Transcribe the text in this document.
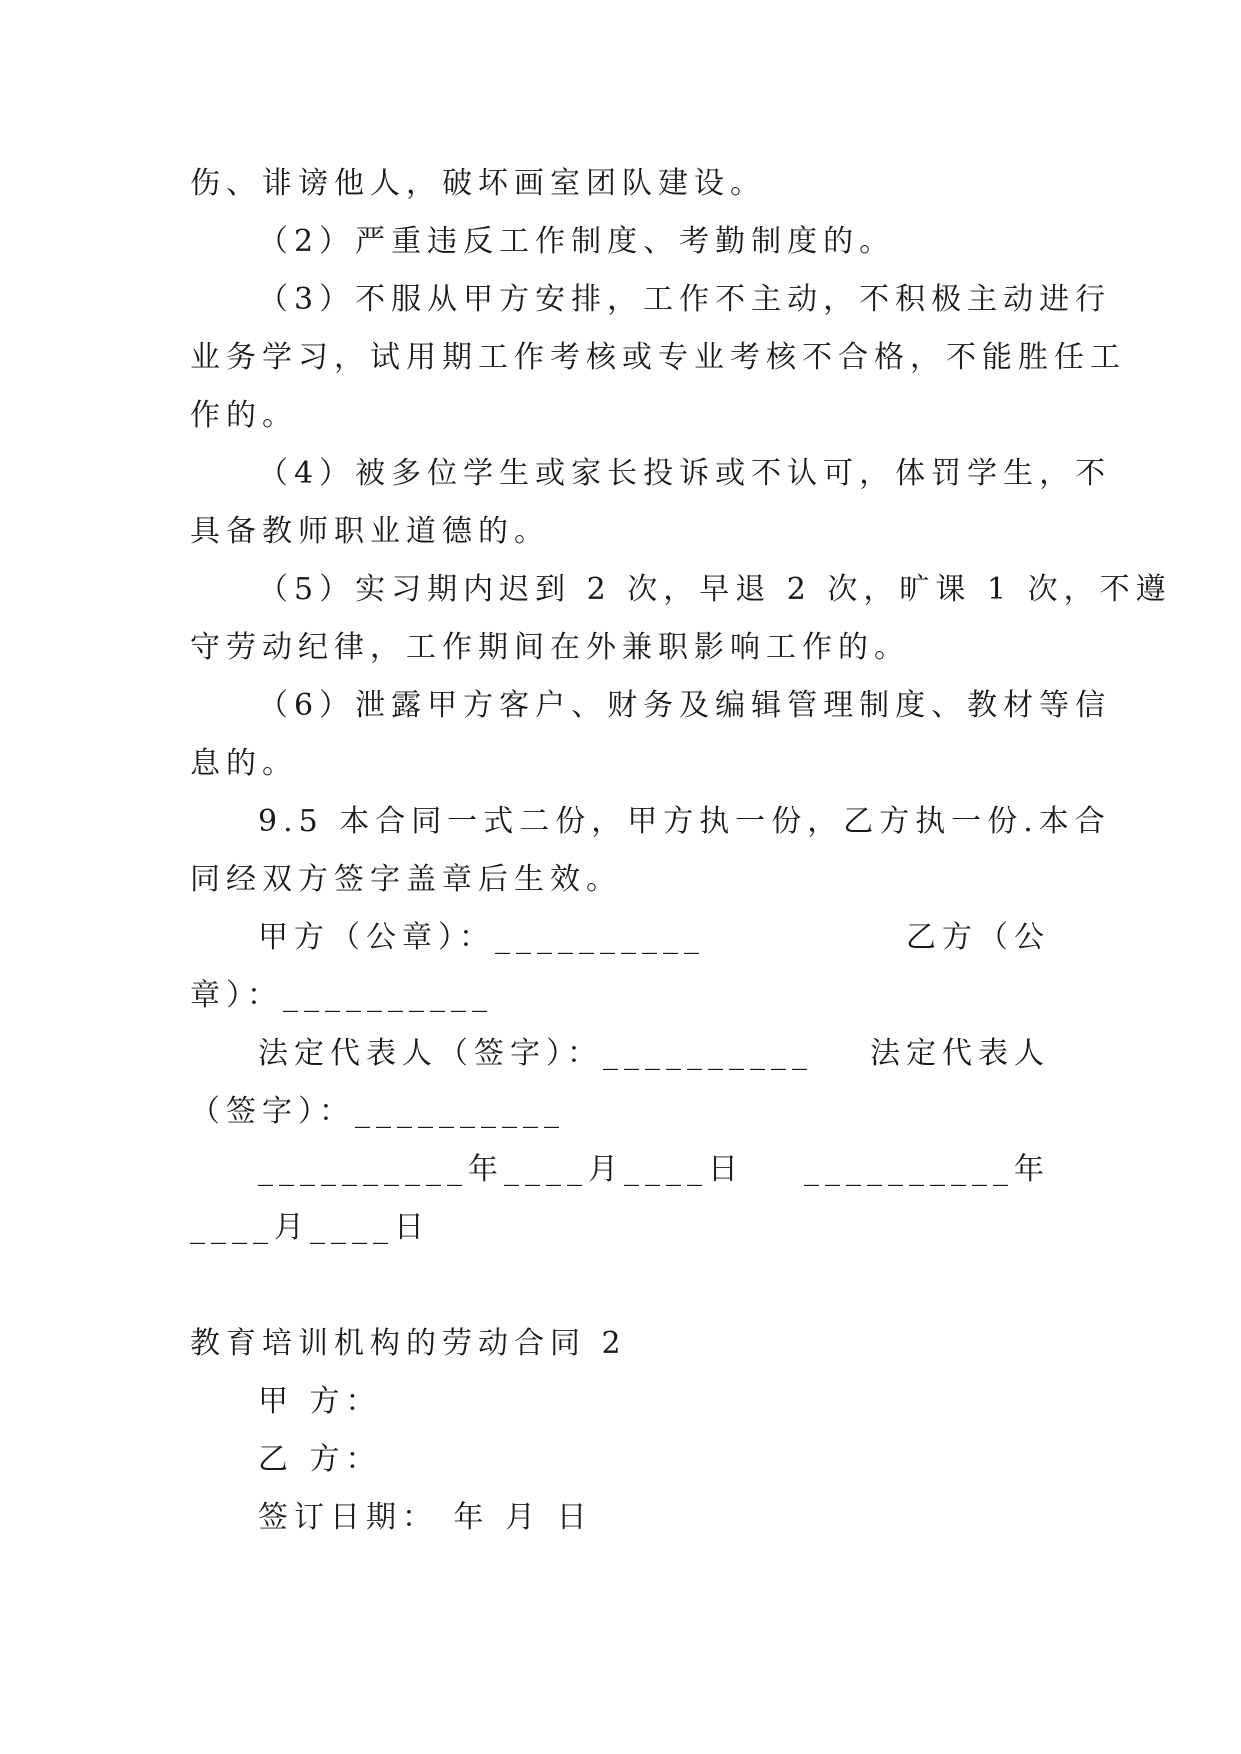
伤、诽谤他人，破坏画室团队建设。
（2）严重违反工作制度、考勤制度的。
（3）不服从甲方安排，工作不主动，不积极主动进行
业务学习，试用期工作考核或专业考核不合格，不能胜任工
作的。
（4）被多位学生或家长投诉或不认可，体罚学生，不
具备教师职业道德的。
（5）实习期内迟到 2 次，早退 2 次，旷课 1 次，不遵
守劳动纪律，工作期间在外兼职影响工作的。
（6）泄露甲方客户、财务及编辑管理制度、教材等信
息的。
9.5 本合同一式二份，甲方执一份，乙方执一份.本合
同经双方签字盖章后生效。
甲方（公章）：__________	乙方（公
章）：__________
法定代表人（签字）：__________ 法定代表人
（签字）：__________
__________年____月____日 __________年
____月____日
教育培训机构的劳动合同 2
甲 方：
乙 方：
签订日期： 年 月 日
